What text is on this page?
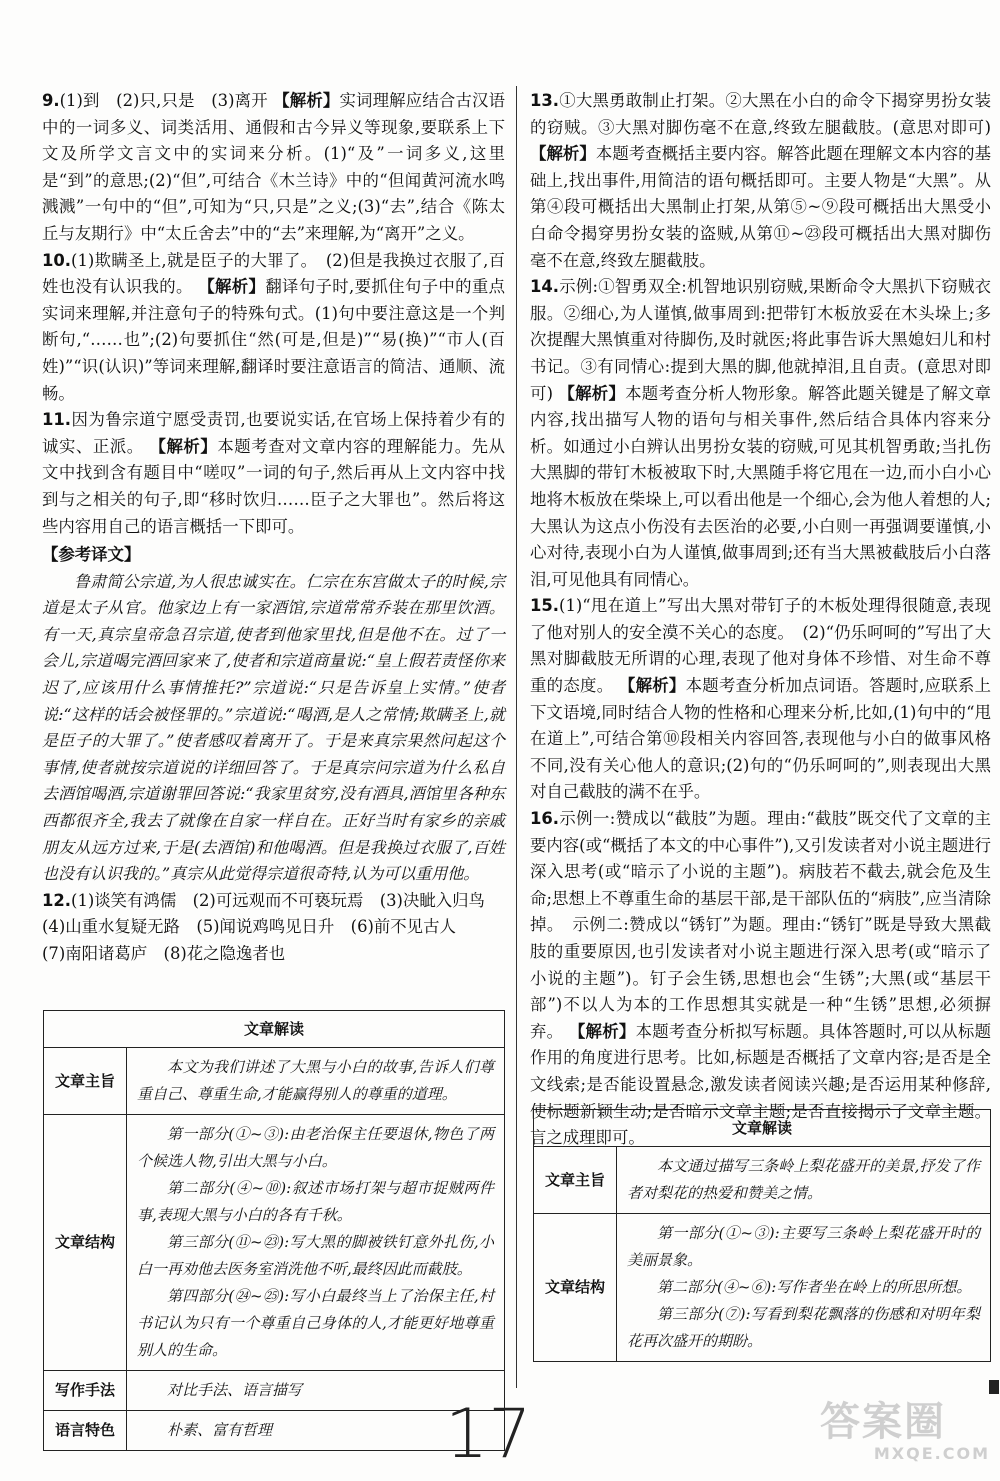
9.(1)到　(2)只,只是　(3)离开 【解析】实词理解应结合古汉语中的一词多义、词类活用、通假和古今异义等现象,要联系上下文及所学文言文中的实词来分析。(1)“及”一词多义,这里是“到”的意思;(2)“但”,可结合《木兰诗》中的“但闻黄河流水鸣溅溅”一句中的“但”,可知为“只,只是”之义;(3)“去”,结合《陈太丘与友期行》中“太丘舍去”中的“去”来理解,为“离开”之义。

10.(1)欺瞒圣上,就是臣子的大罪了。　(2)但是我换过衣服了,百姓也没有认识我的。 【解析】翻译句子时,要抓住句子中的重点实词来理解,并注意句子的特殊句式。(1)句中要注意这是一个判断句,“……也”;(2)句要抓住“然(可是,但是)”“易(换)”“市人(百姓)”“识(认识)”等词来理解,翻译时要注意语言的简洁、通顺、流畅。

11.因为鲁宗道宁愿受责罚,也要说实话,在官场上保持着少有的诚实、正派。 【解析】本题考查对文章内容的理解能力。先从文中找到含有题目中“嗟叹”一词的句子,然后再从上文内容中找到与之相关的句子,即“移时饮归……臣子之大罪也”。然后将这些内容用自己的语言概括一下即可。

【参考译文】

鲁肃简公宗道,为人很忠诚实在。仁宗在东宫做太子的时候,宗道是太子从官。他家边上有一家酒馆,宗道常常乔装在那里饮酒。有一天,真宗皇帝急召宗道,使者到他家里找,但是他不在。过了一会儿,宗道喝完酒回家来了,使者和宗道商量说:“皇上假若责怪你来迟了,应该用什么事情推托?”宗道说:“只是告诉皇上实情。”使者说:“这样的话会被怪罪的。”宗道说:“喝酒,是人之常情;欺瞒圣上,就是臣子的大罪了。”使者感叹着离开了。于是来真宗果然问起这个事情,使者就按宗道说的详细回答了。于是真宗问宗道为什么私自去酒馆喝酒,宗道谢罪回答说:“我家里贫穷,没有酒具,酒馆里各种东西都很齐全,我去了就像在自家一样自在。正好当时有家乡的亲戚朋友从远方过来,于是(去酒馆)和他喝酒。但是我换过衣服了,百姓也没有认识我的。”真宗从此觉得宗道很奇特,认为可以重用他。

12.(1)谈笑有鸿儒　(2)可远观而不可亵玩焉　(3)决眦入归鸟
(4)山重水复疑无路　(5)闻说鸡鸣见日升　(6)前不见古人
(7)南阳诸葛庐　(8)花之隐逸者也

文章解读	
文章主旨	本文为我们讲述了大黑与小白的故事,告诉人们尊重自己、尊重生命,才能赢得别人的尊重的道理。

文章结构	第一部分(①~③):由老治保主任要退休,物色了两个候选人物,引出大黑与小白。

第二部分(④~⑩):叙述市场打架与超市捉贼两件事,表现大黑与小白的各有千秋。

第三部分(⑪~㉓):写大黑的脚被铁钉意外扎伤,小白一再劝他去医务室消洗他不听,最终因此而截肢。

第四部分(㉔~㉕):写小白最终当上了治保主任,村书记认为只有一个尊重自己身体的人,才能更好地尊重别人的生命。

写作手法	对比手法、语言描写

语言特色	朴素、富有哲理

13.①大黑勇敢制止打架。②大黑在小白的命令下揭穿男扮女装的窃贼。③大黑对脚伤毫不在意,终致左腿截肢。(意思对即可) 【解析】本题考查概括主要内容。解答此题在理解文本内容的基础上,找出事件,用简洁的语句概括即可。主要人物是“大黑”。从第④段可概括出大黑制止打架,从第⑤~⑨段可概括出大黑受小白命令揭穿男扮女装的盗贼,从第⑪~㉓段可概括出大黑对脚伤毫不在意,终致左腿截肢。

14.示例:①智勇双全:机智地识别窃贼,果断命令大黑扒下窃贼衣服。②细心,为人谨慎,做事周到:把带钉木板放妥在木头垛上;多次提醒大黑慎重对待脚伤,及时就医;将此事告诉大黑媳妇儿和村书记。③有同情心:提到大黑的脚,他就掉泪,且自责。(意思对即可) 【解析】本题考查分析人物形象。解答此题关键是了解文章内容,找出描写人物的语句与相关事件,然后结合具体内容来分析。如通过小白辨认出男扮女装的窃贼,可见其机智勇敢;当扎伤大黑脚的带钉木板被取下时,大黑随手将它甩在一边,而小白小心地将木板放在柴垛上,可以看出他是一个细心,会为他人着想的人;大黑认为这点小伤没有去医治的必要,小白则一再强调要谨慎,小心对待,表现小白为人谨慎,做事周到;还有当大黑被截肢后小白落泪,可见他具有同情心。

15.(1)“甩在道上”写出大黑对带钉子的木板处理得很随意,表现了他对别人的安全漠不关心的态度。　(2)“仍乐呵呵的”写出了大黑对脚截肢无所谓的心理,表现了他对身体不珍惜、对生命不尊重的态度。 【解析】本题考查分析加点词语。答题时,应联系上下文语境,同时结合人物的性格和心理来分析,比如,(1)句中的“甩在道上”,可结合第⑩段相关内容回答,表现他与小白的做事风格不同,没有关心他人的意识;(2)句的“仍乐呵呵的”,则表现出大黑对自己截肢的满不在乎。

16.示例一:赞成以“截肢”为题。理由:“截肢”既交代了文章的主要内容(或“概括了本文的中心事件”),又引发读者对小说主题进行深入思考(或“暗示了小说的主题”)。病肢若不截去,就会危及生命;思想上不尊重生命的基层干部,是干部队伍的“病肢”,应当清除掉。　示例二:赞成以“锈钉”为题。理由:“锈钉”既是导致大黑截肢的重要原因,也引发读者对小说主题进行深入思考(或“暗示了小说的主题”)。钉子会生锈,思想也会“生锈”;大黑(或“基层干部”)不以人为本的工作思想其实就是一种“生锈”思想,必须摒弃。 【解析】本题考查分析拟写标题。具体答题时,可以从标题作用的角度进行思考。比如,标题是否概括了文章内容;是否是全文线索;是否能设置悬念,激发读者阅读兴趣;是否运用某种修辞,使标题新颖生动;是否暗示文章主题;是否直接揭示了文章主题。言之成理即可。

文章解读	
文章主旨	本文通过描写三条岭上梨花盛开的美景,抒发了作者对梨花的热爱和赞美之情。

文章结构	第一部分(①~③):主要写三条岭上梨花盛开时的美丽景象。

第二部分(④~⑥):写作者坐在岭上的所思所想。

第三部分(⑦):写看到梨花飘落的伤感和对明年梨花再次盛开的期盼。

17	答案圈
MXQE.COM
